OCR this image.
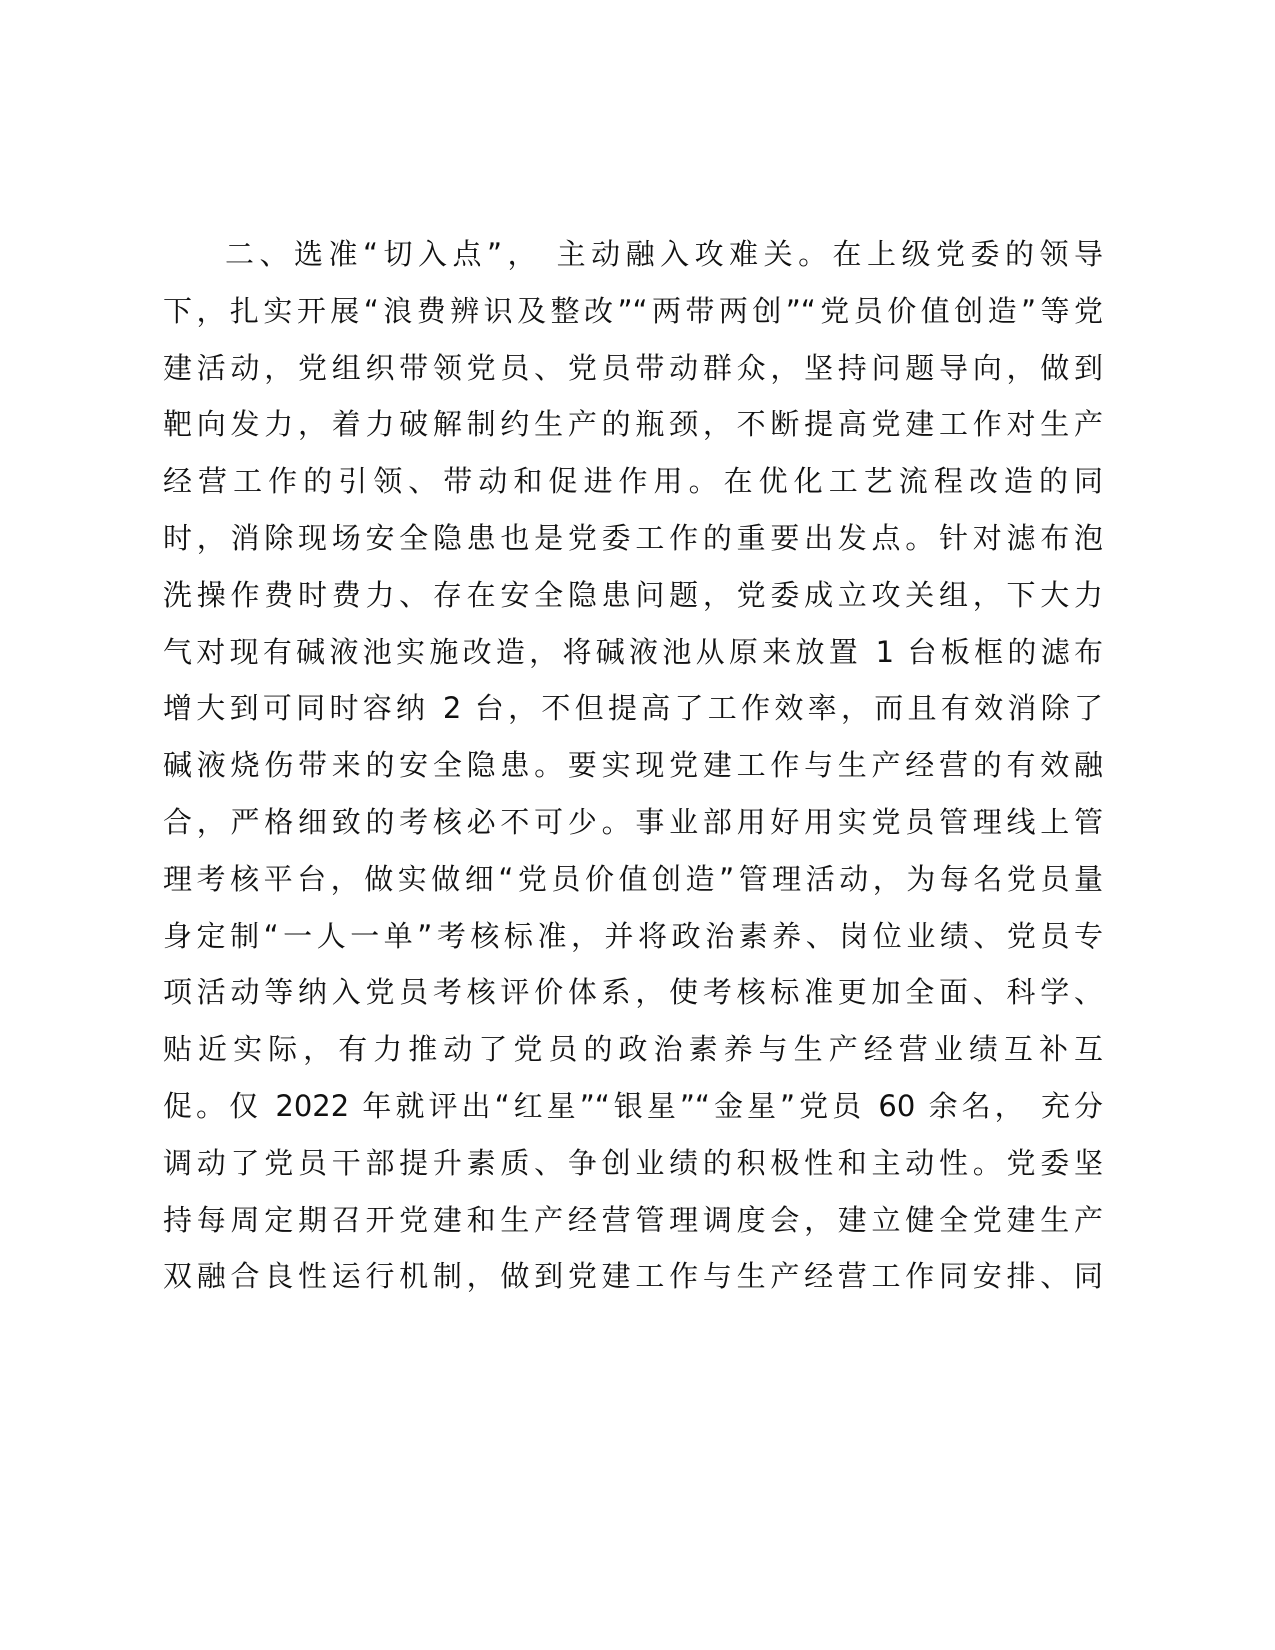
二、选准“切入点”， 主动融入攻难关。在上级党委的领导
下，扎实开展“浪费辨识及整改”“两带两创”“党员价值创造”等党
建活动，党组织带领党员、党员带动群众，坚持问题导向，做到
靶向发力，着力破解制约生产的瓶颈，不断提高党建工作对生产
经营工作的引领、带动和促进作用。在优化工艺流程改造的同
时，消除现场安全隐患也是党委工作的重要出发点。针对滤布泡
洗操作费时费力、存在安全隐患问题，党委成立攻关组，下大力
气对现有碱液池实施改造，将碱液池从原来放置 1 台板框的滤布
增大到可同时容纳 2 台，不但提高了工作效率，而且有效消除了
碱液烧伤带来的安全隐患。要实现党建工作与生产经营的有效融
合，严格细致的考核必不可少。事业部用好用实党员管理线上管
理考核平台，做实做细“党员价值创造”管理活动，为每名党员量
身定制“一人一单”考核标准，并将政治素养、岗位业绩、党员专
项活动等纳入党员考核评价体系，使考核标准更加全面、科学、
贴近实际，有力推动了党员的政治素养与生产经营业绩互补互
促。仅 2022 年就评出“红星”“银星”“金星”党员 60 余名， 充分
调动了党员干部提升素质、争创业绩的积极性和主动性。党委坚
持每周定期召开党建和生产经营管理调度会，建立健全党建生产
双融合良性运行机制，做到党建工作与生产经营工作同安排、同
